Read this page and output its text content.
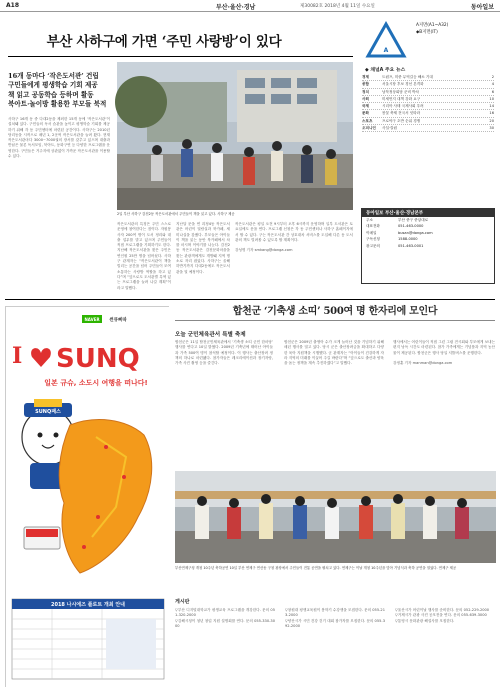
A18	부산·울산·경남	제30082호 2018년 4월 11일 수요일	동아일보
부산 사하구에 가면 ‘주민 사랑방’이 있다
16개 동마다 ‘작은도서관’ 건립
구민들에게 평생학습 기회 제공
책 읽고 공동학습 등하며 활동
북아트·놀이방 활용한 부모들 북적
사하구 16개 동 중 다대2동을 제외한 15개 동에 ‘작은도서관’이 설치돼 있다. 구민들의 독서 습관을 높이고 평생학습 기회를 제공하기 위해 각 동 주민센터에 마련된 공간이다. 사하구는 2010년 당리동을 시작으로 매년 1, 2곳씩 작은도서관을 늘려 왔다. 현재 작은도서관마다 3000~7000권의 장서를 갖추고 있으며 대출과 반납은 물론 독서모임, 북아트, 동화구연 등 다양한 프로그램을 운영한다. 구민들은 거주지에 상관없이 가까운 작은도서관을 이용할 수 있다.
2일 부산 사하구 감천2동 작은도서관에서 주민들이 책을 읽고 있다. 사하구 제공
작은도서관의 특징은 주민 스스로 운영에 참여한다는 점이다. 자원봉사자 200여 명이 도서 정리와 대출 업무를 맡고 있으며 주민들이 직접 프로그램을 기획하기도 한다. 지난해 작은도서관을 찾은 주민은 연인원 25만 명을 넘어섰다. 사하구 관계자는 “작은도서관이 책을 빌리는 공간을 넘어 주민들이 모여 소통하는 사랑방 역할을 하고 있다”며 “앞으로도 도서관별 특색 있는 프로그램을 늘려 나갈 계획”이라고 말했다.
지난달 문을 연 괴정4동 작은도서관은 어린이 열람실과 북카페, 세미나실을 갖췄다. 부모들은 아이들이 책을 읽는 동안 북카페에서 차를 마시며 이야기를 나눈다. 감천2동 작은도서관은 감천문화마을을 찾는 관광객에게도 개방돼 지역 명소로 자리 잡았다. 사하구는 올해 하반기까지 다대2동에도 작은도서관을 열 예정이다.
작은도서관은 평일 오전 9시부터 오후 6시까지 운영하며 일부 도서관은 토요일에도 문을 연다. 프로그램 신청은 각 동 주민센터나 사하구 홈페이지에서 할 수 있다. 구는 작은도서관 간 상호대차 서비스를 도입해 다른 동 도서관의 책도 빌려볼 수 있도록 할 계획이다.

강성명 기자 smkang@donga.com
A
A지면(A1~A32)
◆B지면(IT)
◆ 채널A 주요 뉴스
경제	트럼프, 미중 무역갈등 해소 기대	2
종합	서울시장 후보 경선 본격화	4
정치	남북정상회담 준비 박차	6
사회	미세먼지 대책 강화 요구	10
국제	시리아 사태 국제사회 우려	14
문화	봄꽃 축제 전국서 잇따라	16
스포츠	프로야구 초반 순위 경쟁	20
오피니언	사설·칼럼	30
동아일보 부산·울산·경남본부
주소	부산 중구 중앙대로
대표전화	051-463-0000
이메일	busan@donga.com
구독신청	1588-0000
광고문의	051-463-0001
합천군 ‘기축생 소띠’ 500여 명 한자리에 모인다
오늘 군민체육관서 특별 축제
합천군은 11일 합천군민체육관에서 ‘기축생 소띠 군민 한마당’ 행사를 연다고 10일 밝혔다. 2009년 기축년에 태어난 아이들과 가족 500여 명이 참석할 예정이다. 이 행사는 출산장려 정책의 하나로 마련됐다. 참가자들은 레크리에이션과 장기자랑, 가족 사진 촬영 등을 즐긴다.
합천군은 2009년 출생아 수가 크게 늘어난 것을 기념하기 위해 매년 행사를 열고 있다. 당시 군은 출산장려금을 확대하고 다양한 육아 지원책을 시행했다. 군 관계자는 “아이들이 건강하게 자라 지역의 미래를 이끌어 주길 바란다”며 “앞으로도 출산과 양육을 돕는 정책을 계속 추진하겠다”고 말했다.
행사에서는 어린이들이 직접 그린 그림 전시회와 부모에게 보내는 편지 낭독 시간도 마련된다. 참가 가족에게는 기념품과 지역 농산물이 제공된다. 합천군은 행사 당일 셔틀버스를 운행한다.

강정훈 기자 manman@donga.com
부산연제구청 개청 10주년 축하공연 10일 부산 연제구 연산동 구청 광장에서 주민들이 전통 공연을 펼치고 있다. 연제구는 이날 개청 10주년을 맞아 기념식과 축하 공연을 열었다. 연제구 제공
게시판
▽부산 디지털대학교가 평생교육 프로그램을 개강한다. 문의 051-320-2000
▽김해시청이 청년 창업 지원 설명회를 연다. 문의 055-330-3000
▽창원대 평생교육원이 봄학기 수강생을 모집한다. 문의 055-213-2000
▽양산시가 시민 건강 걷기 대회 참가자를 모집한다. 문의 055-392-2000
▽울산시가 어린이날 행사를 준비한다. 문의 052-229-2000
▽거제시가 관광 사진 공모전을 연다. 문의 055-639-3000
▽통영시 문화관광 해설사를 모집한다.
NAVER 썬큐삐따
I SUNQ
일본 규슈, 소도시 여행을 떠나다!
SUNQ패스
2018 나시에즈 플로트 개최 안내
